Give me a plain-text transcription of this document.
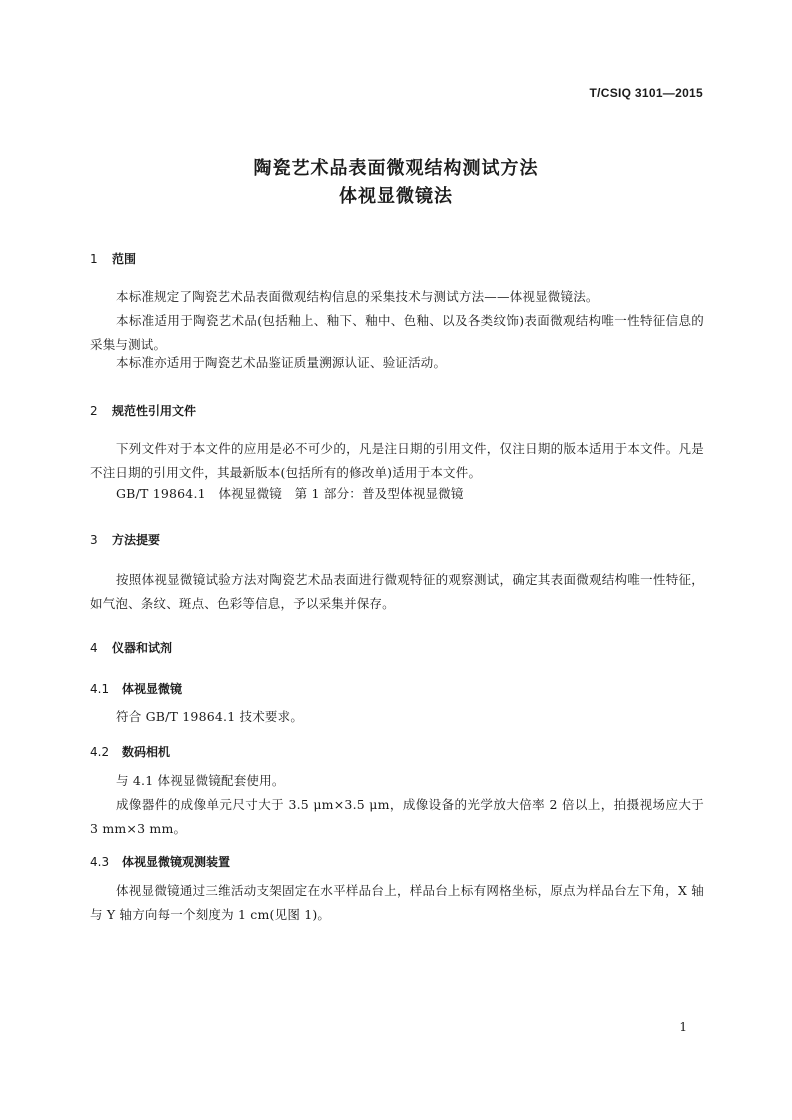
T/CSIQ 3101—2015
陶瓷艺术品表面微观结构测试方法
体视显微镜法
1 范围
本标准规定了陶瓷艺术品表面微观结构信息的采集技术与测试方法——体视显微镜法。
本标准适用于陶瓷艺术品(包括釉上、釉下、釉中、色釉、以及各类纹饰)表面微观结构唯一性特征信息的采集与测试。
本标准亦适用于陶瓷艺术品鉴证质量溯源认证、验证活动。
2 规范性引用文件
下列文件对于本文件的应用是必不可少的，凡是注日期的引用文件，仅注日期的版本适用于本文件。凡是不注日期的引用文件，其最新版本(包括所有的修改单)适用于本文件。
GB/T 19864.1　体视显微镜　第 1 部分：普及型体视显微镜
3 方法提要
按照体视显微镜试验方法对陶瓷艺术品表面进行微观特征的观察测试，确定其表面微观结构唯一性特征，如气泡、条纹、斑点、色彩等信息，予以采集并保存。
4 仪器和试剂
4.1 体视显微镜
符合 GB/T 19864.1 技术要求。
4.2 数码相机
与 4.1 体视显微镜配套使用。
成像器件的成像单元尺寸大于 3.5 μm×3.5 μm，成像设备的光学放大倍率 2 倍以上，拍摄视场应大于 3 mm×3 mm。
4.3 体视显微镜观测装置
体视显微镜通过三维活动支架固定在水平样品台上，样品台上标有网格坐标，原点为样品台左下角，X 轴与 Y 轴方向每一个刻度为 1 cm(见图 1)。
1
